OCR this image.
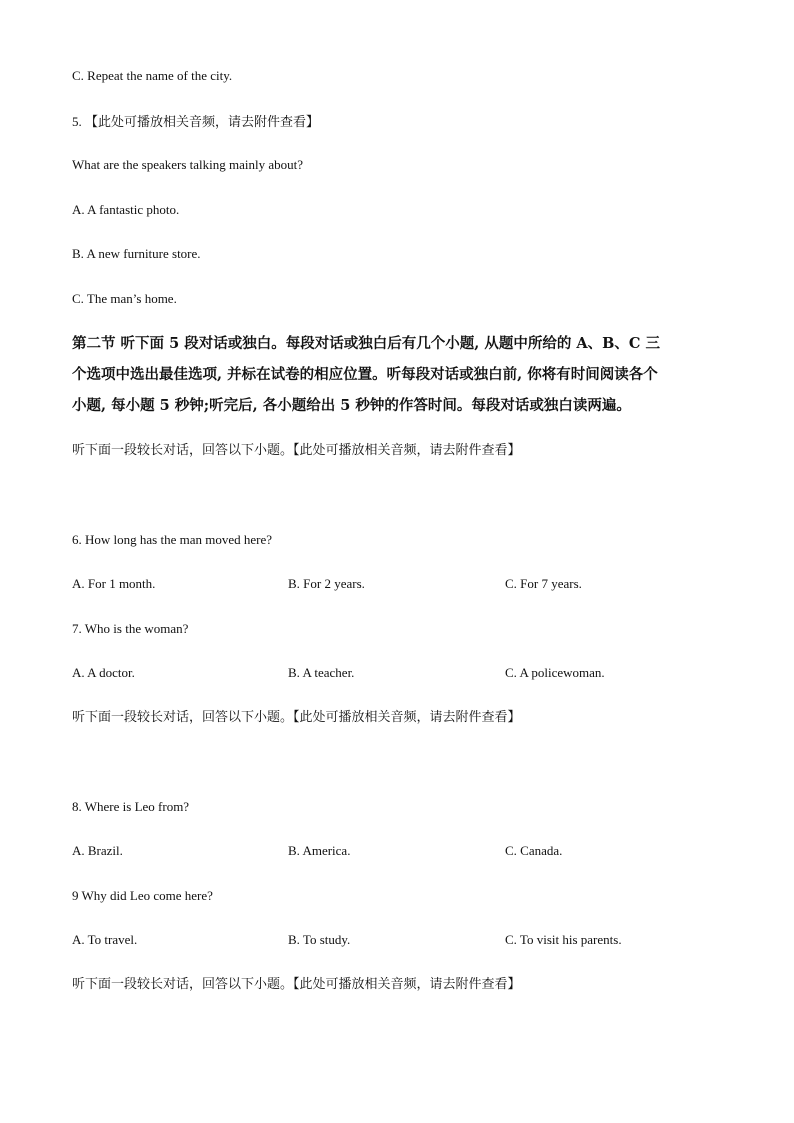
C. Repeat the name of the city.
5. 【此处可播放相关音频，请去附件查看】
What are the speakers talking mainly about?
A. A fantastic photo.
B. A new furniture store.
C. The man’s home.
第二节 听下面 5 段对话或独白。每段对话或独白后有几个小题, 从题中所给的 A、B、C 三
个选项中选出最佳选项, 并标在试卷的相应位置。听每段对话或独白前, 你将有时间阅读各个
小题, 每小题 5 秒钟;听完后, 各小题给出 5 秒钟的作答时间。每段对话或独白读两遍。
听下面一段较长对话，回答以下小题。【此处可播放相关音频，请去附件查看】
6. How long has the man moved here?
A. For 1 month.	B. For 2 years.	C. For 7 years.
7. Who is the woman?
A. A doctor.	B. A teacher.	C. A policewoman.
听下面一段较长对话，回答以下小题。【此处可播放相关音频，请去附件查看】
8. Where is Leo from?
A. Brazil.	B. America.	C. Canada.
9 Why did Leo come here?
A. To travel.	B. To study.	C. To visit his parents.
听下面一段较长对话，回答以下小题。【此处可播放相关音频，请去附件查看】
